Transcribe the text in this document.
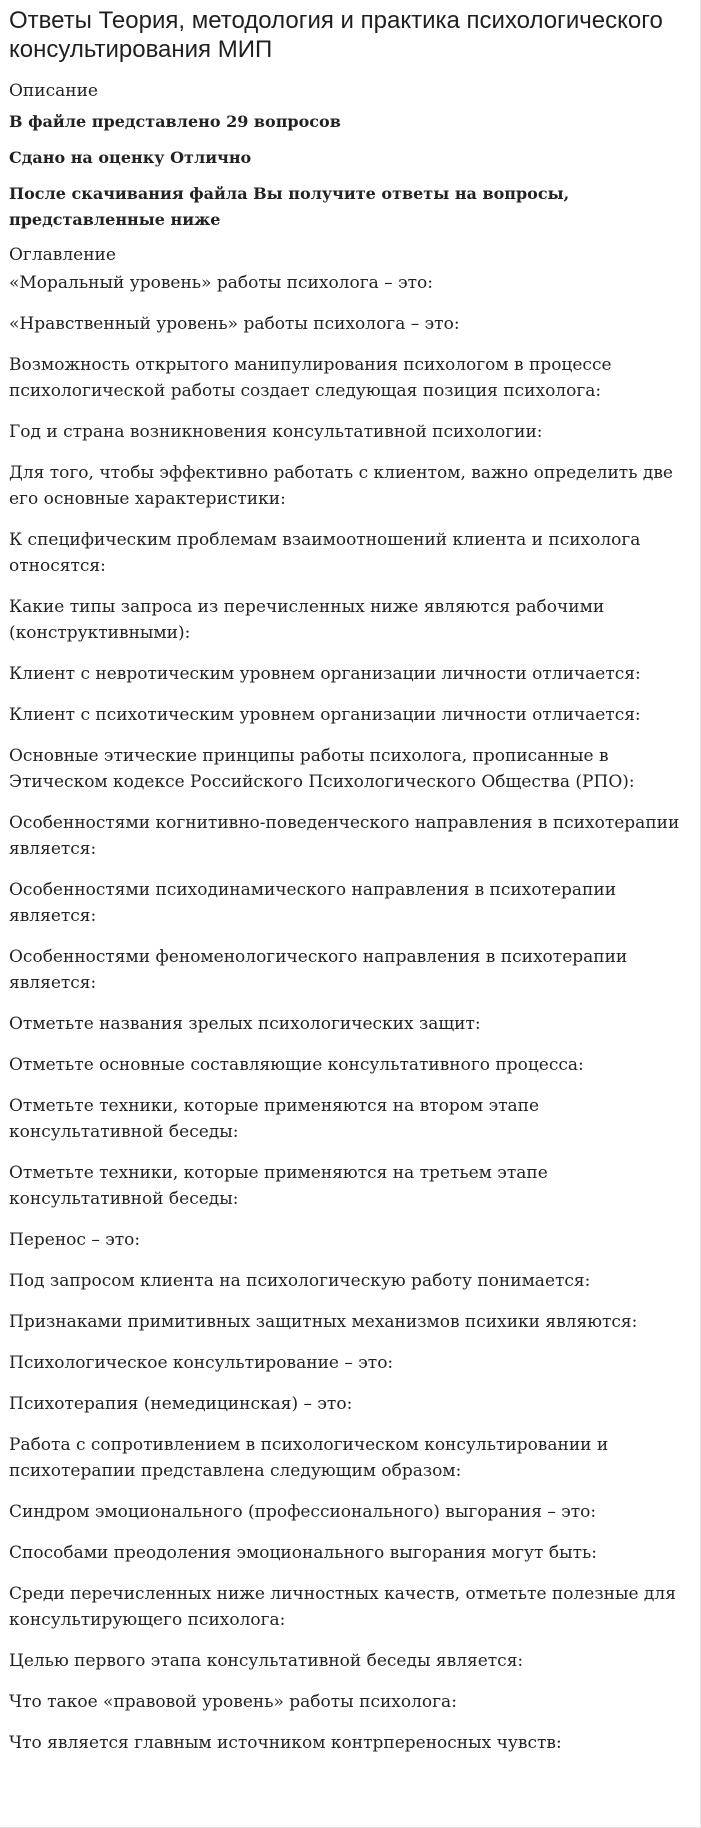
Ответы Теория, методология и практика психологического консультирования МИП
Описание
В файле представлено 29 вопросов
Сдано на оценку Отлично
После скачивания файла Вы получите ответы на вопросы, представленные ниже
Оглавление
«Моральный уровень» работы психолога – это:
«Нравственный уровень» работы психолога – это:
Возможность открытого манипулирования психологом в процессе психологической работы создает следующая позиция психолога:
Год и страна возникновения консультативной психологии:
Для того, чтобы эффективно работать с клиентом, важно определить две его основные характеристики:
К специфическим проблемам взаимоотношений клиента и психолога относятся:
Какие типы запроса из перечисленных ниже являются рабочими (конструктивными):
Клиент с невротическим уровнем организации личности отличается:
Клиент с психотическим уровнем организации личности отличается:
Основные этические принципы работы психолога, прописанные в Этическом кодексе Российского Психологического Общества (РПО):
Особенностями когнитивно-поведенческого направления в психотерапии является:
Особенностями психодинамического направления в психотерапии является:
Особенностями феноменологического направления в психотерапии является:
Отметьте названия зрелых психологических защит:
Отметьте основные составляющие консультативного процесса:
Отметьте техники, которые применяются на втором этапе консультативной беседы:
Отметьте техники, которые применяются на третьем этапе консультативной беседы:
Перенос – это:
Под запросом клиента на психологическую работу понимается:
Признаками примитивных защитных механизмов психики являются:
Психологическое консультирование – это:
Психотерапия (немедицинская) – это:
Работа с сопротивлением в психологическом консультировании и психотерапии представлена следующим образом:
Синдром эмоционального (профессионального) выгорания – это:
Способами преодоления эмоционального выгорания могут быть:
Среди перечисленных ниже личностных качеств, отметьте полезные для консультирующего психолога:
Целью первого этапа консультативной беседы является:
Что такое «правовой уровень» работы психолога:
Что является главным источником контрпереносных чувств:
